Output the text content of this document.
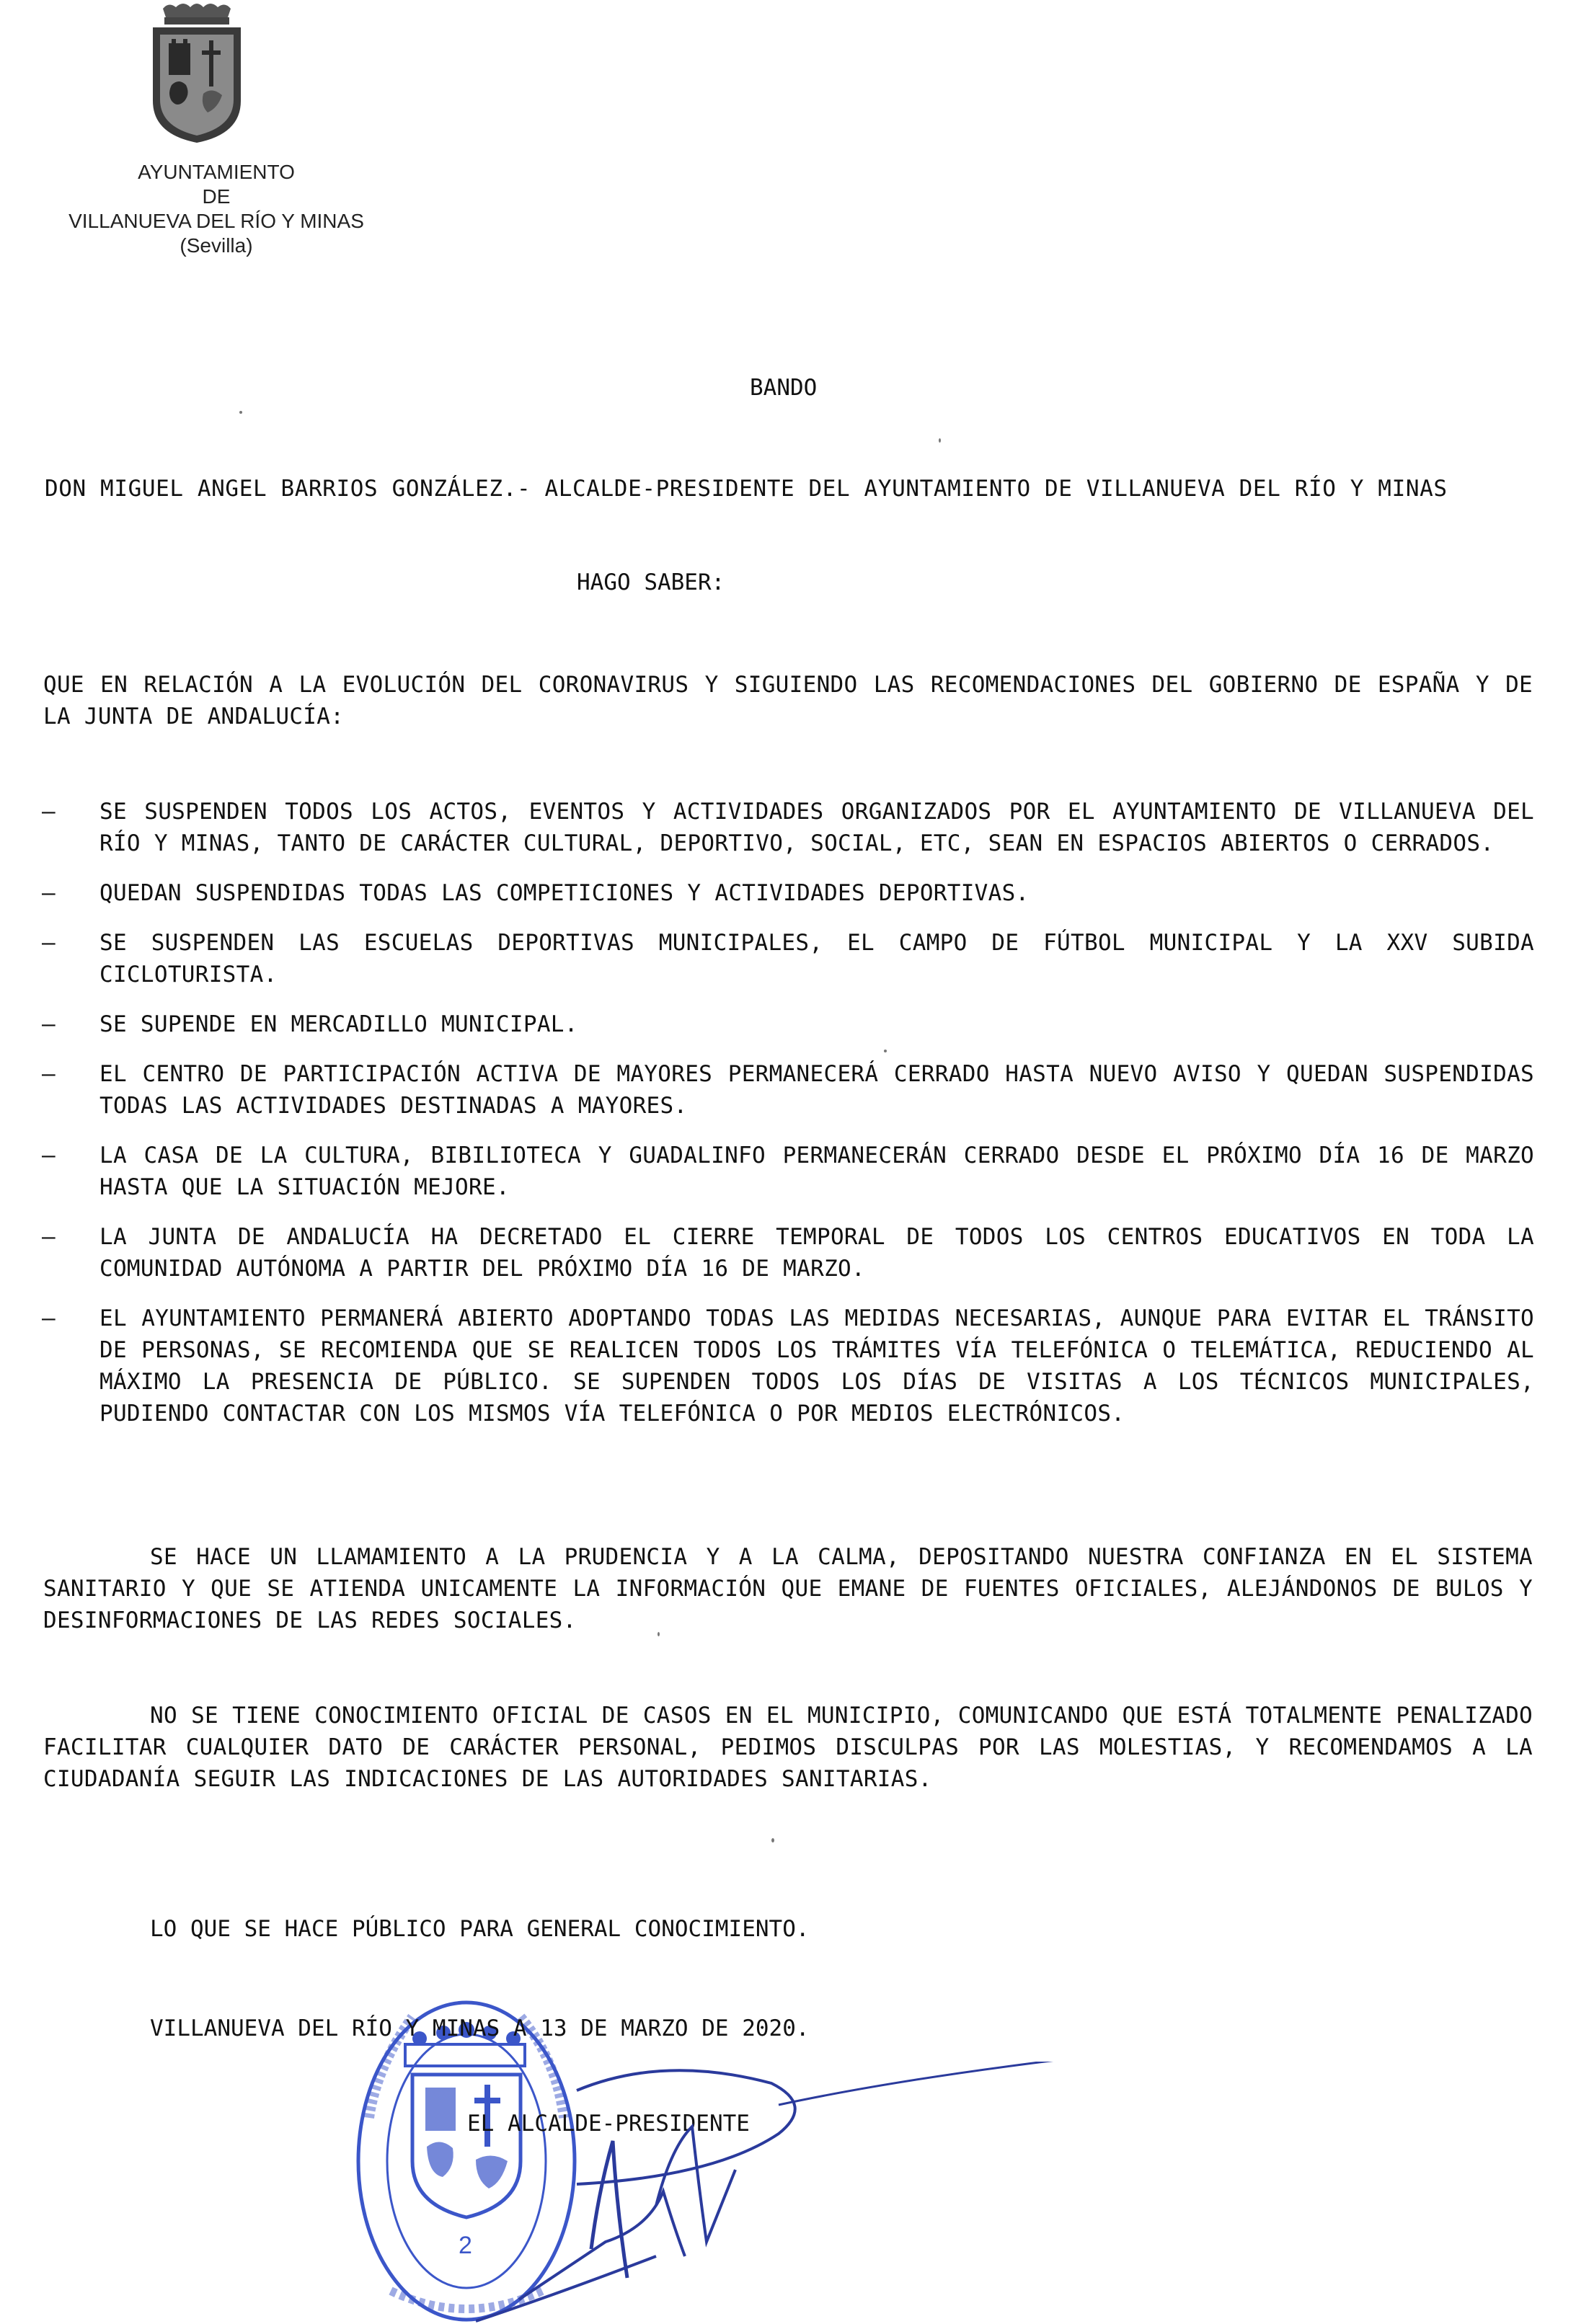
AYUNTAMIENTO
DE
VILLANUEVA DEL RÍO Y MINAS
(Sevilla)
BANDO
DON MIGUEL ANGEL BARRIOS GONZÁLEZ.- ALCALDE-PRESIDENTE DEL AYUNTAMIENTO DE VILLANUEVA DEL RÍO Y MINAS
HAGO SABER:
QUE EN RELACIÓN A LA EVOLUCIÓN DEL CORONAVIRUS Y SIGUIENDO LAS RECOMENDACIONES DEL GOBIERNO DE ESPAÑA Y DE LA JUNTA DE ANDALUCÍA:
— SE SUSPENDEN TODOS LOS ACTOS, EVENTOS Y ACTIVIDADES ORGANIZADOS POR EL AYUNTAMIENTO DE VILLANUEVA DEL RÍO Y MINAS, TANTO DE CARÁCTER CULTURAL, DEPORTIVO, SOCIAL, ETC, SEAN EN ESPACIOS ABIERTOS O CERRADOS.
— QUEDAN SUSPENDIDAS TODAS LAS COMPETICIONES Y ACTIVIDADES DEPORTIVAS.
— SE SUSPENDEN LAS ESCUELAS DEPORTIVAS MUNICIPALES, EL CAMPO DE FÚTBOL MUNICIPAL Y LA XXV SUBIDA CICLOTURISTA.
— SE SUPENDE EN MERCADILLO MUNICIPAL.
— EL CENTRO DE PARTICIPACIÓN ACTIVA DE MAYORES PERMANECERÁ CERRADO HASTA NUEVO AVISO Y QUEDAN SUSPENDIDAS TODAS LAS ACTIVIDADES DESTINADAS A MAYORES.
— LA CASA DE LA CULTURA, BIBILIOTECA Y GUADALINFO PERMANECERÁN CERRADO DESDE EL PRÓXIMO DÍA 16 DE MARZO HASTA QUE LA SITUACIÓN MEJORE.
— LA JUNTA DE ANDALUCÍA HA DECRETADO EL CIERRE TEMPORAL DE TODOS LOS CENTROS EDUCATIVOS EN TODA LA COMUNIDAD AUTÓNOMA A PARTIR DEL PRÓXIMO DÍA 16 DE MARZO.
— EL AYUNTAMIENTO PERMANERÁ ABIERTO ADOPTANDO TODAS LAS MEDIDAS NECESARIAS, AUNQUE PARA EVITAR EL TRÁNSITO DE PERSONAS, SE RECOMIENDA QUE SE REALICEN TODOS LOS TRÁMITES VÍA TELEFÓNICA O TELEMÁTICA, REDUCIENDO AL MÁXIMO LA PRESENCIA DE PÚBLICO. SE SUPENDEN TODOS LOS DÍAS DE VISITAS A LOS TÉCNICOS MUNICIPALES, PUDIENDO CONTACTAR CON LOS MISMOS VÍA TELEFÓNICA O POR MEDIOS ELECTRÓNICOS.
SE HACE UN LLAMAMIENTO A LA PRUDENCIA Y A LA CALMA, DEPOSITANDO NUESTRA CONFIANZA EN EL SISTEMA SANITARIO Y QUE SE ATIENDA UNICAMENTE LA INFORMACIÓN QUE EMANE DE FUENTES OFICIALES, ALEJÁNDONOS DE BULOS Y DESINFORMACIONES DE LAS REDES SOCIALES.
NO SE TIENE CONOCIMIENTO OFICIAL DE CASOS EN EL MUNICIPIO, COMUNICANDO QUE ESTÁ TOTALMENTE PENALIZADO FACILITAR CUALQUIER DATO DE CARÁCTER PERSONAL, PEDIMOS DISCULPAS POR LAS MOLESTIAS, Y RECOMENDAMOS A LA CIUDADANÍA SEGUIR LAS INDICACIONES DE LAS AUTORIDADES SANITARIAS.
LO QUE SE HACE PÚBLICO PARA GENERAL CONOCIMIENTO.
2
VILLANUEVA DEL RÍO Y MINAS A 13 DE MARZO DE 2020.
EL ALCALDE-PRESIDENTE
